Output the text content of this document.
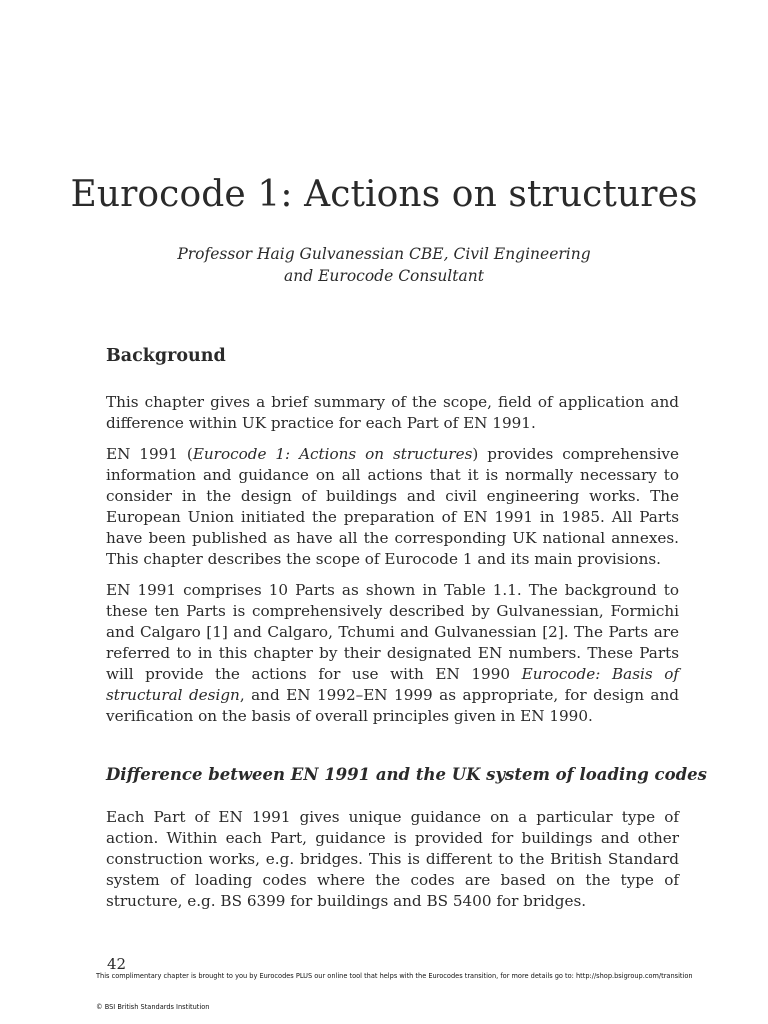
Eurocode 1: Actions on structures

Professor Haig Gulvanessian CBE, Civil Engineering
and Eurocode Consultant

Background

This chapter gives a brief summary of the scope, field of application and difference within UK practice for each Part of EN 1991.

EN 1991 (Eurocode 1: Actions on structures) provides comprehensive information and guidance on all actions that it is normally necessary to consider in the design of buildings and civil engineering works. The European Union initiated the preparation of EN 1991 in 1985. All Parts have been published as have all the corresponding UK national annexes. This chapter describes the scope of Eurocode 1 and its main provisions.

EN 1991 comprises 10 Parts as shown in Table 1.1. The background to these ten Parts is comprehensively described by Gulvanessian, Formichi and Calgaro [1] and Calgaro, Tchumi and Gulvanessian [2]. The Parts are referred to in this chapter by their designated EN numbers. These Parts will provide the actions for use with EN 1990 Eurocode: Basis of structural design, and EN 1992–EN 1999 as appropriate, for design and verification on the basis of overall principles given in EN 1990.

Difference between EN 1991 and the UK system of loading codes

Each Part of EN 1991 gives unique guidance on a particular type of action. Within each Part, guidance is provided for buildings and other construction works, e.g. bridges. This is different to the British Standard system of loading codes where the codes are based on the type of structure, e.g. BS 6399 for buildings and BS 5400 for bridges.

42
This complimentary chapter is brought to you by Eurocodes PLUS our online tool that helps with the Eurocodes transition, for more details go to: http://shop.bsigroup.com/transition
© BSI British Standards Institution
